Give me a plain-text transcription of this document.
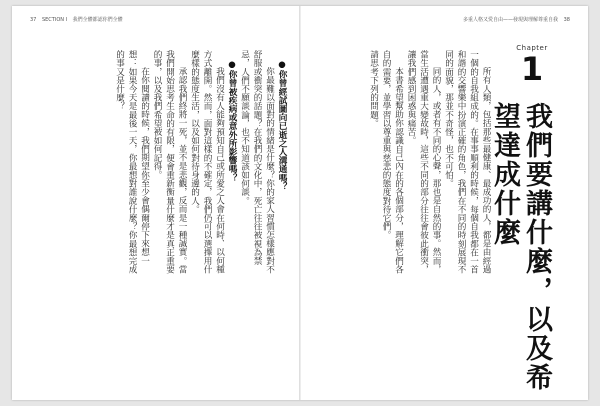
37 SECTION I 我們全體都認你們全體

●你曾經試圖向已逝之人溝通嗎？

你最難以面對的情緒是什麼？你的家人習慣怎樣應對不舒服或衝突的話題？在我們的文化中，死亡往往被視為禁忌，人們不願談論，也不知道該如何談。

●你曾被疾病或意外所影響嗎？

我們沒有人能夠預知自己或所愛之人會在何時、以何種方式離開。然而，面對這樣的不確定，我們仍可以選擇用什麼樣的態度生活，以及如何對待身邊的人。

承認我們終將一死，並不是悲觀，反而是一種誠實。當我們開始思考生命的有限，便會重新衡量什麼才是真正重要的事，以及我們希望被如何記得。

在你閱讀的時候，我們期望你至少會偶爾停下來想一想：如果今天是最後一天，你最想對誰說什麼？你最想完成的事又是什麼？

多重人格又愛自由——發現與理解尊重自我 38
Chapter
1
我們要講什麼，以及希望達成什麼

所有人類，包括那些最健康、最成功的人，都是由經過一個的自我組成的。在事事順利的時候，每個自我都在一首和諧的交響樂中扮演正確的角色，我們在不同的時刻展現不同的面貌，那並不奇怪，也不可怕。

同的人，或者有不同的心聲，那也是自然的事。然而，當生活遭遇重大變故時，這些不同的部分往往會彼此衝突，讓我們感到困惑與痛苦。

本書希望幫助你認識自己內在的各個部分，理解它們各自的需要，並學習以尊重與慈悲的態度對待它們。

請思考下列的問題。
